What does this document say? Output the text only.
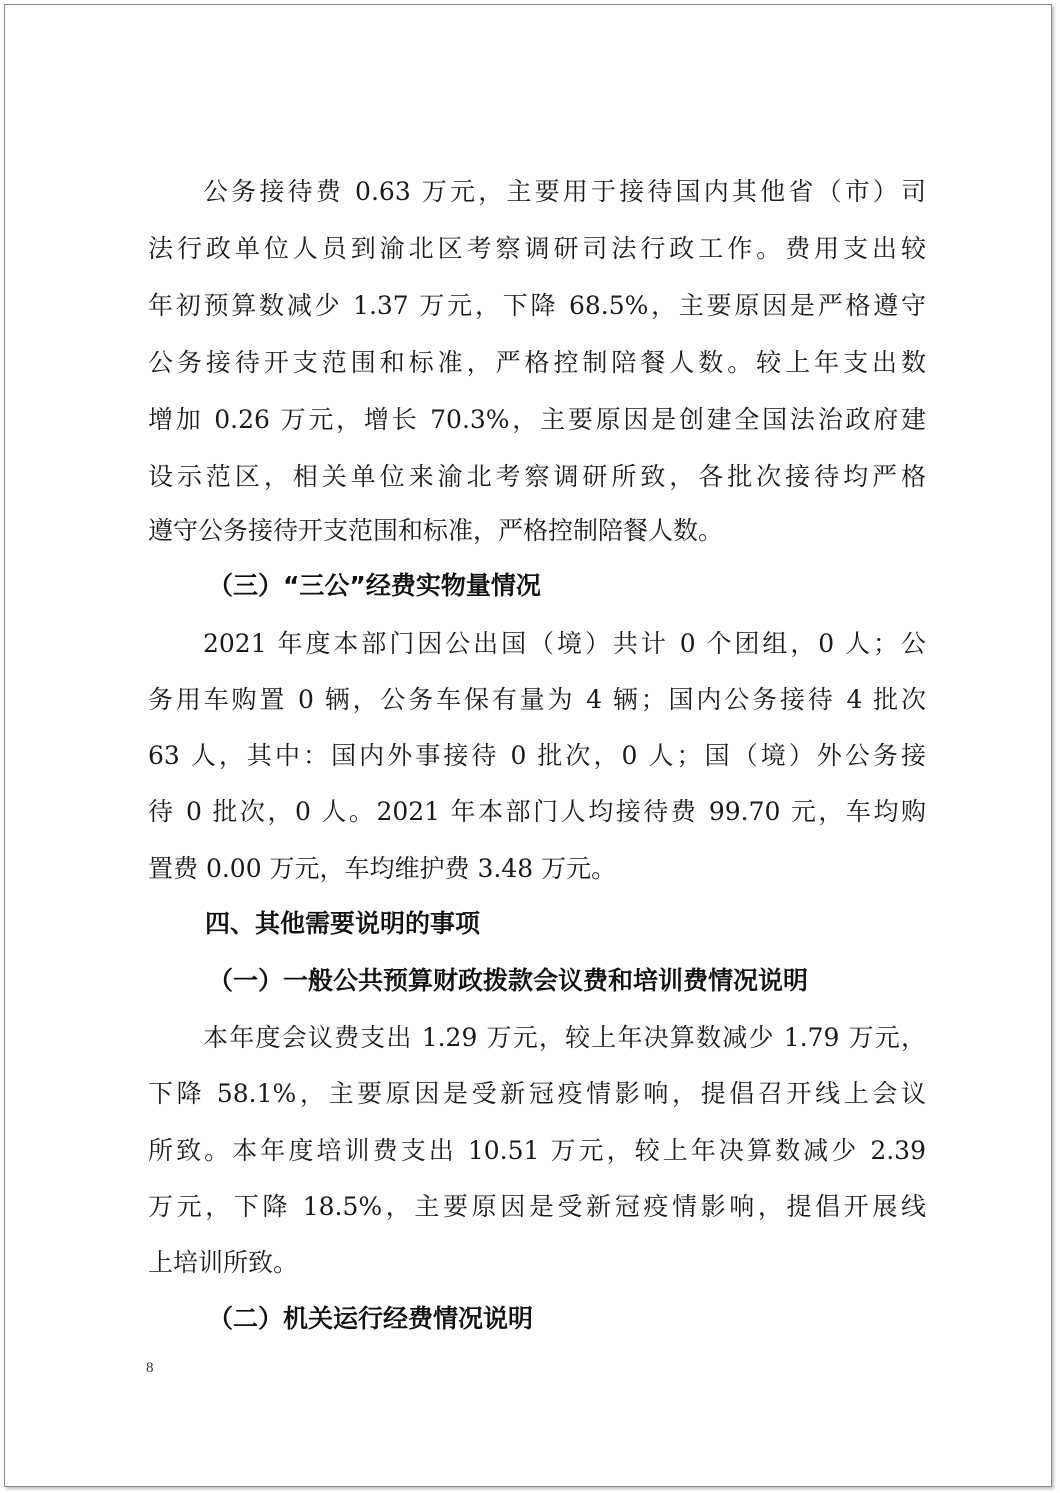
公务接待费 0.63 万元，主要用于接待国内其他省（市）司
法行政单位人员到渝北区考察调研司法行政工作。费用支出较
年初预算数减少 1.37 万元，下降 68.5%，主要原因是严格遵守
公务接待开支范围和标准，严格控制陪餐人数。较上年支出数
增加 0.26 万元，增长 70.3%，主要原因是创建全国法治政府建
设示范区，相关单位来渝北考察调研所致，各批次接待均严格
遵守公务接待开支范围和标准，严格控制陪餐人数。
（三）“三公”经费实物量情况
2021 年度本部门因公出国（境）共计 0 个团组，0 人；公
务用车购置 0 辆，公务车保有量为 4 辆；国内公务接待 4 批次
63 人，其中：国内外事接待 0 批次，0 人；国（境）外公务接
待 0 批次，0 人。2021 年本部门人均接待费 99.70 元，车均购
置费 0.00 万元，车均维护费 3.48 万元。
四、其他需要说明的事项
（一）一般公共预算财政拨款会议费和培训费情况说明
本年度会议费支出 1.29 万元，较上年决算数减少 1.79 万元，
下降 58.1%，主要原因是受新冠疫情影响，提倡召开线上会议
所致。本年度培训费支出 10.51 万元，较上年决算数减少 2.39
万元，下降 18.5%，主要原因是受新冠疫情影响，提倡开展线
上培训所致。
（二）机关运行经费情况说明
8
